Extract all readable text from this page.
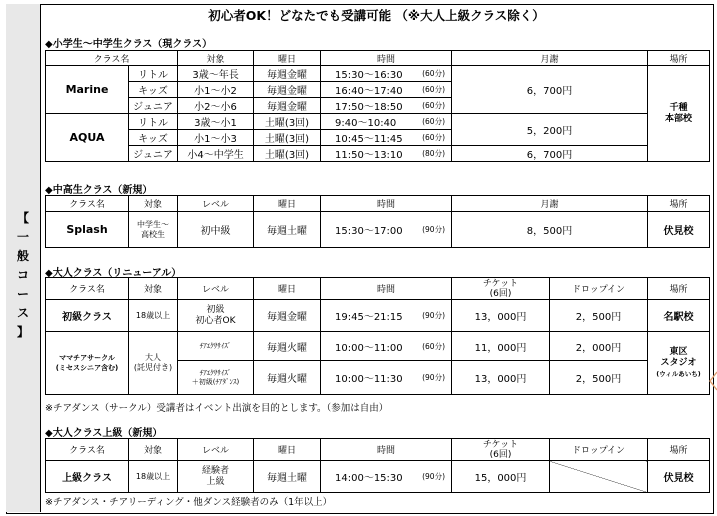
【
一
般
コ
ー
ス
】
初心者OK！どなたでも受講可能 （※大人上級クラス除く）
◆小学生～中学生クラス（現クラス）
クラス名		対象	曜日	時間	月謝	場所
Marine	リトル	3歳～年長	毎週金曜	15:30～16:30 (60分)	6，700円	千種
本部校
	キッズ	小1～小2	毎週金曜	16:40～17:40 (60分)		

	ジュニア	小2～小6	毎週金曜	17:50～18:50 (60分)		

AQUA	リトル	3歳～小1	土曜(3回)	9:40～10:40 (60分)	5，200円	
	キッズ	小1～小3	土曜(3回)	10:45～11:45 (60分)		

	ジュニア	小4～中学生	土曜(3回)	11:50～13:10 (80分)	6，700円	
◆中高生クラス（新規）
クラス名	対象	レベル	曜日	時間	月謝	場所
Splash	中学生～
高校生	初中級	毎週土曜	15:30～17:00 (90分)	8，500円	伏見校
◆大人クラス（リニューアル）
クラス名	対象	レベル	曜日	時間	チケット
(6回)	ドロップイン	場所
初級クラス	18歳以上	初級
初心者OK	毎週金曜	19:45～21:15 (90分)	13，000円	2，500円	名駅校
ママチアサークル
(ミセスシニア含む)	大人
(託児付き)	ﾁｱｴｸｻｻｲｽﾞ	毎週火曜	10:00～11:00 (60分)	11，000円	2，000円	東区
スタジオ
(ウィルあいち)
		ﾁｱｴｸｻｻｲｽﾞ
＋初級(ﾁｱﾀﾞﾝｽ)	毎週火曜	10:00～11:30 (90分)	13，000円	2，500円	
※チアダンス（サークル）受講者はイベント出演を目的とします。（参加は自由）
◆大人クラス上級（新規）
クラス名	対象	レベル	曜日	時間	チケット
(6回)	ドロップイン	場所
上級クラス	18歳以上	経験者
上級	毎週土曜	14:00～15:30 (90分)	15，000円		伏見校
※チアダンス・チアリーディング・他ダンス経験者のみ（1年以上）
